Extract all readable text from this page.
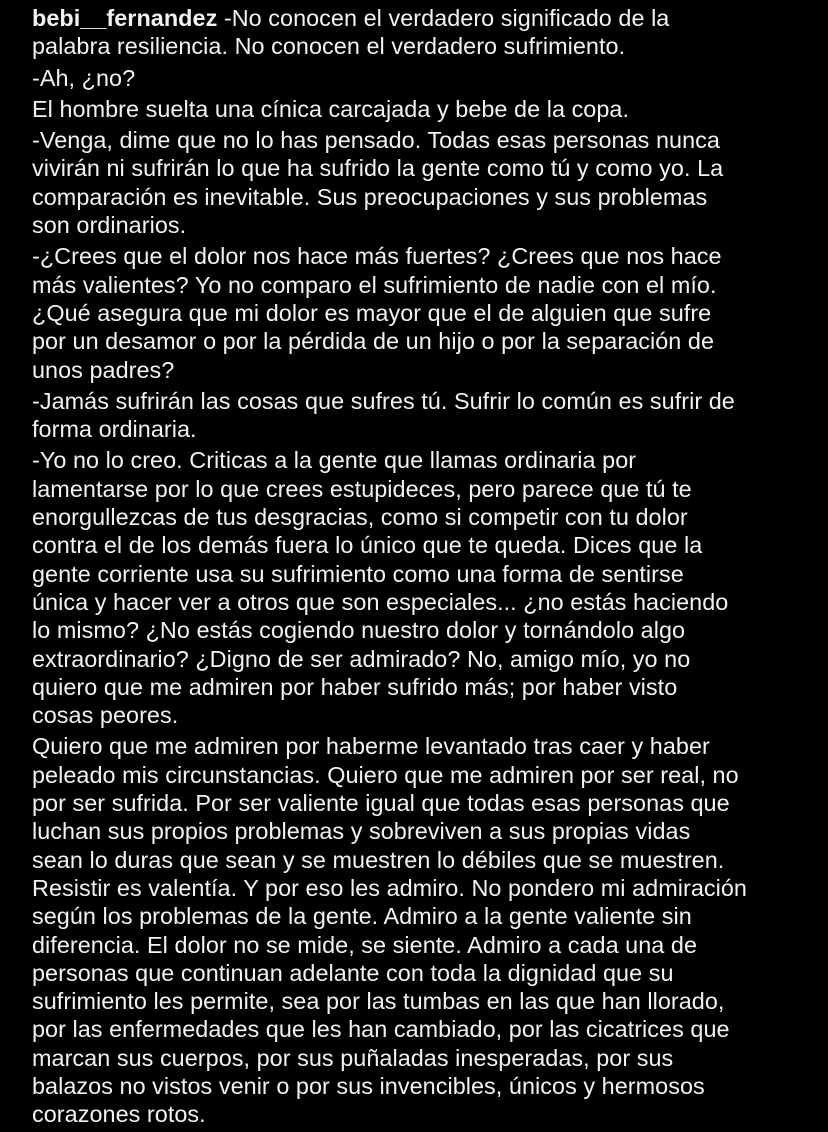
bebi__fernandez -No conocen el verdadero significado de la
palabra resiliencia. No conocen el verdadero sufrimiento.
-Ah, ¿no?
El hombre suelta una cínica carcajada y bebe de la copa.
-Venga, dime que no lo has pensado. Todas esas personas nunca
vivirán ni sufrirán lo que ha sufrido la gente como tú y como yo. La
comparación es inevitable. Sus preocupaciones y sus problemas
son ordinarios.
-¿Crees que el dolor nos hace más fuertes? ¿Crees que nos hace
más valientes? Yo no comparo el sufrimiento de nadie con el mío.
¿Qué asegura que mi dolor es mayor que el de alguien que sufre
por un desamor o por la pérdida de un hijo o por la separación de
unos padres?
-Jamás sufrirán las cosas que sufres tú. Sufrir lo común es sufrir de
forma ordinaria.
-Yo no lo creo. Criticas a la gente que llamas ordinaria por
lamentarse por lo que crees estupideces, pero parece que tú te
enorgullezcas de tus desgracias, como si competir con tu dolor
contra el de los demás fuera lo único que te queda. Dices que la
gente corriente usa su sufrimiento como una forma de sentirse
única y hacer ver a otros que son especiales... ¿no estás haciendo
lo mismo? ¿No estás cogiendo nuestro dolor y tornándolo algo
extraordinario? ¿Digno de ser admirado? No, amigo mío, yo no
quiero que me admiren por haber sufrido más; por haber visto
cosas peores.
Quiero que me admiren por haberme levantado tras caer y haber
peleado mis circunstancias. Quiero que me admiren por ser real, no
por ser sufrida. Por ser valiente igual que todas esas personas que
luchan sus propios problemas y sobreviven a sus propias vidas
sean lo duras que sean y se muestren lo débiles que se muestren.
Resistir es valentía. Y por eso les admiro. No pondero mi admiración
según los problemas de la gente. Admiro a la gente valiente sin
diferencia. El dolor no se mide, se siente. Admiro a cada una de
personas que continuan adelante con toda la dignidad que su
sufrimiento les permite, sea por las tumbas en las que han llorado,
por las enfermedades que les han cambiado, por las cicatrices que
marcan sus cuerpos, por sus puñaladas inesperadas, por sus
balazos no vistos venir o por sus invencibles, únicos y hermosos
corazones rotos.
